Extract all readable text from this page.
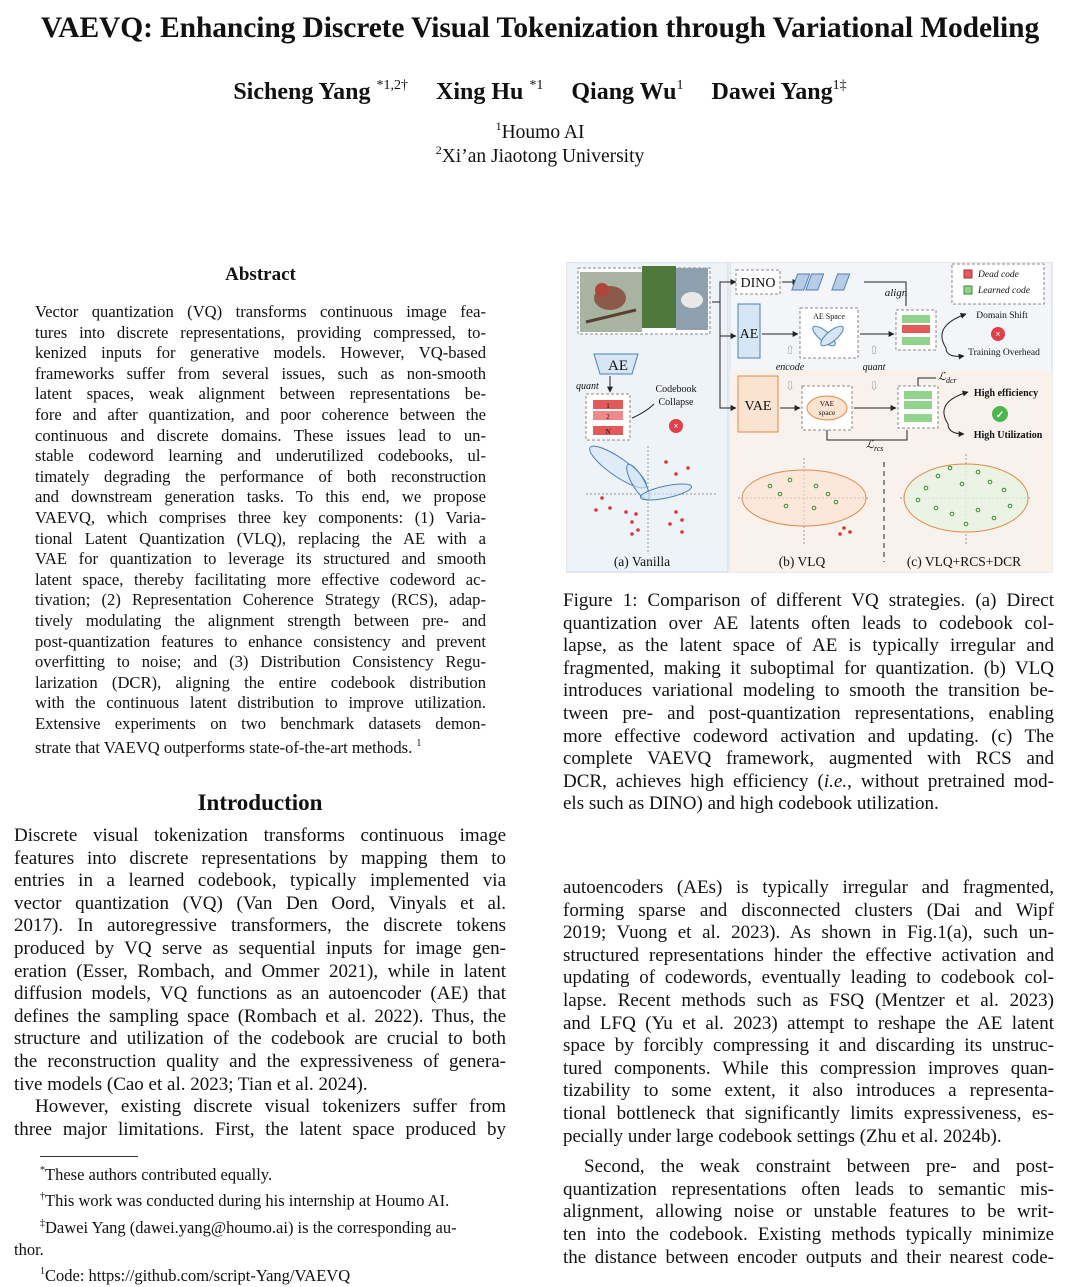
VAEVQ: Enhancing Discrete Visual Tokenization through Variational Modeling
Sicheng Yang $^{*1,2\dagger}$ Xing Hu $^{*1}$ Qiang Wu$^1$ Dawei Yang$^{1\ddagger}$
$^1$Houmo AI
$^2$Xi’an Jiaotong University
Abstract
Vector quantization (VQ) transforms continuous image fea-
tures into discrete representations, providing compressed, to-
kenized inputs for generative models. However, VQ-based
frameworks suffer from several issues, such as non-smooth
latent spaces, weak alignment between representations be-
fore and after quantization, and poor coherence between the
continuous and discrete domains. These issues lead to un-
stable codeword learning and underutilized codebooks, ul-
timately degrading the performance of both reconstruction
and downstream generation tasks. To this end, we propose
VAEVQ, which comprises three key components: (1) Varia-
tional Latent Quantization (VLQ), replacing the AE with a
VAE for quantization to leverage its structured and smooth
latent space, thereby facilitating more effective codeword ac-
tivation; (2) Representation Coherence Strategy (RCS), adap-
tively modulating the alignment strength between pre- and
post-quantization features to enhance consistency and prevent
overfitting to noise; and (3) Distribution Consistency Regu-
larization (DCR), aligning the entire codebook distribution
with the continuous latent distribution to improve utilization.
Extensive experiments on two benchmark datasets demon-
strate that VAEVQ outperforms state-of-the-art methods. $^1$
Introduction
Discrete visual tokenization transforms continuous image
features into discrete representations by mapping them to
entries in a learned codebook, typically implemented via
vector quantization (VQ) (Van Den Oord, Vinyals et al.
2017). In autoregressive transformers, the discrete tokens
produced by VQ serve as sequential inputs for image gen-
eration (Esser, Rombach, and Ommer 2021), while in latent
diffusion models, VQ functions as an autoencoder (AE) that
defines the sampling space (Rombach et al. 2022). Thus, the
structure and utilization of the codebook are crucial to both
the reconstruction quality and the expressiveness of genera-
tive models (Cao et al. 2023; Tian et al. 2024).
However, existing discrete visual tokenizers suffer from
three major limitations. First, the latent space produced by
*These authors contributed equally.
†This work was conducted during his internship at Houmo AI.
‡Dawei Yang (dawei.yang@houmo.ai) is the corresponding au-
thor.
$^1$Code: https://github.com/script-Yang/VAEVQ
AE
quant
1
2
N
Codebook
Collapse
×
(a) Vanilla
DINO
align
Dead code
Learned code
AE
AE Space	Domain Shift
×
Training Overhead
encode	quant
⇧	⇧
⇩	⇩
VAE	VAE
space
ℒ$_{rcs}$
ℒ$_{dcr}$
High efficiency
✓
High Utilization
(b) VLQ	(c) VLQ+RCS+DCR
Figure 1: Comparison of different VQ strategies. (a) Direct
quantization over AE latents often leads to codebook col-
lapse, as the latent space of AE is typically irregular and
fragmented, making it suboptimal for quantization. (b) VLQ
introduces variational modeling to smooth the transition be-
tween pre- and post-quantization representations, enabling
more effective codeword activation and updating. (c) The
complete VAEVQ framework, augmented with RCS and
DCR, achieves high efficiency (i.e., without pretrained mod-
els such as DINO) and high codebook utilization.
autoencoders (AEs) is typically irregular and fragmented,
forming sparse and disconnected clusters (Dai and Wipf
2019; Vuong et al. 2023). As shown in Fig.1(a), such un-
structured representations hinder the effective activation and
updating of codewords, eventually leading to codebook col-
lapse. Recent methods such as FSQ (Mentzer et al. 2023)
and LFQ (Yu et al. 2023) attempt to reshape the AE latent
space by forcibly compressing it and discarding its unstruc-
tured components. While this compression improves quan-
tizability to some extent, it also introduces a representa-
tional bottleneck that significantly limits expressiveness, es-
pecially under large codebook settings (Zhu et al. 2024b).
Second, the weak constraint between pre- and post-
quantization representations often leads to semantic mis-
alignment, allowing noise or unstable features to be writ-
ten into the codebook. Existing methods typically minimize
the distance between encoder outputs and their nearest code-
